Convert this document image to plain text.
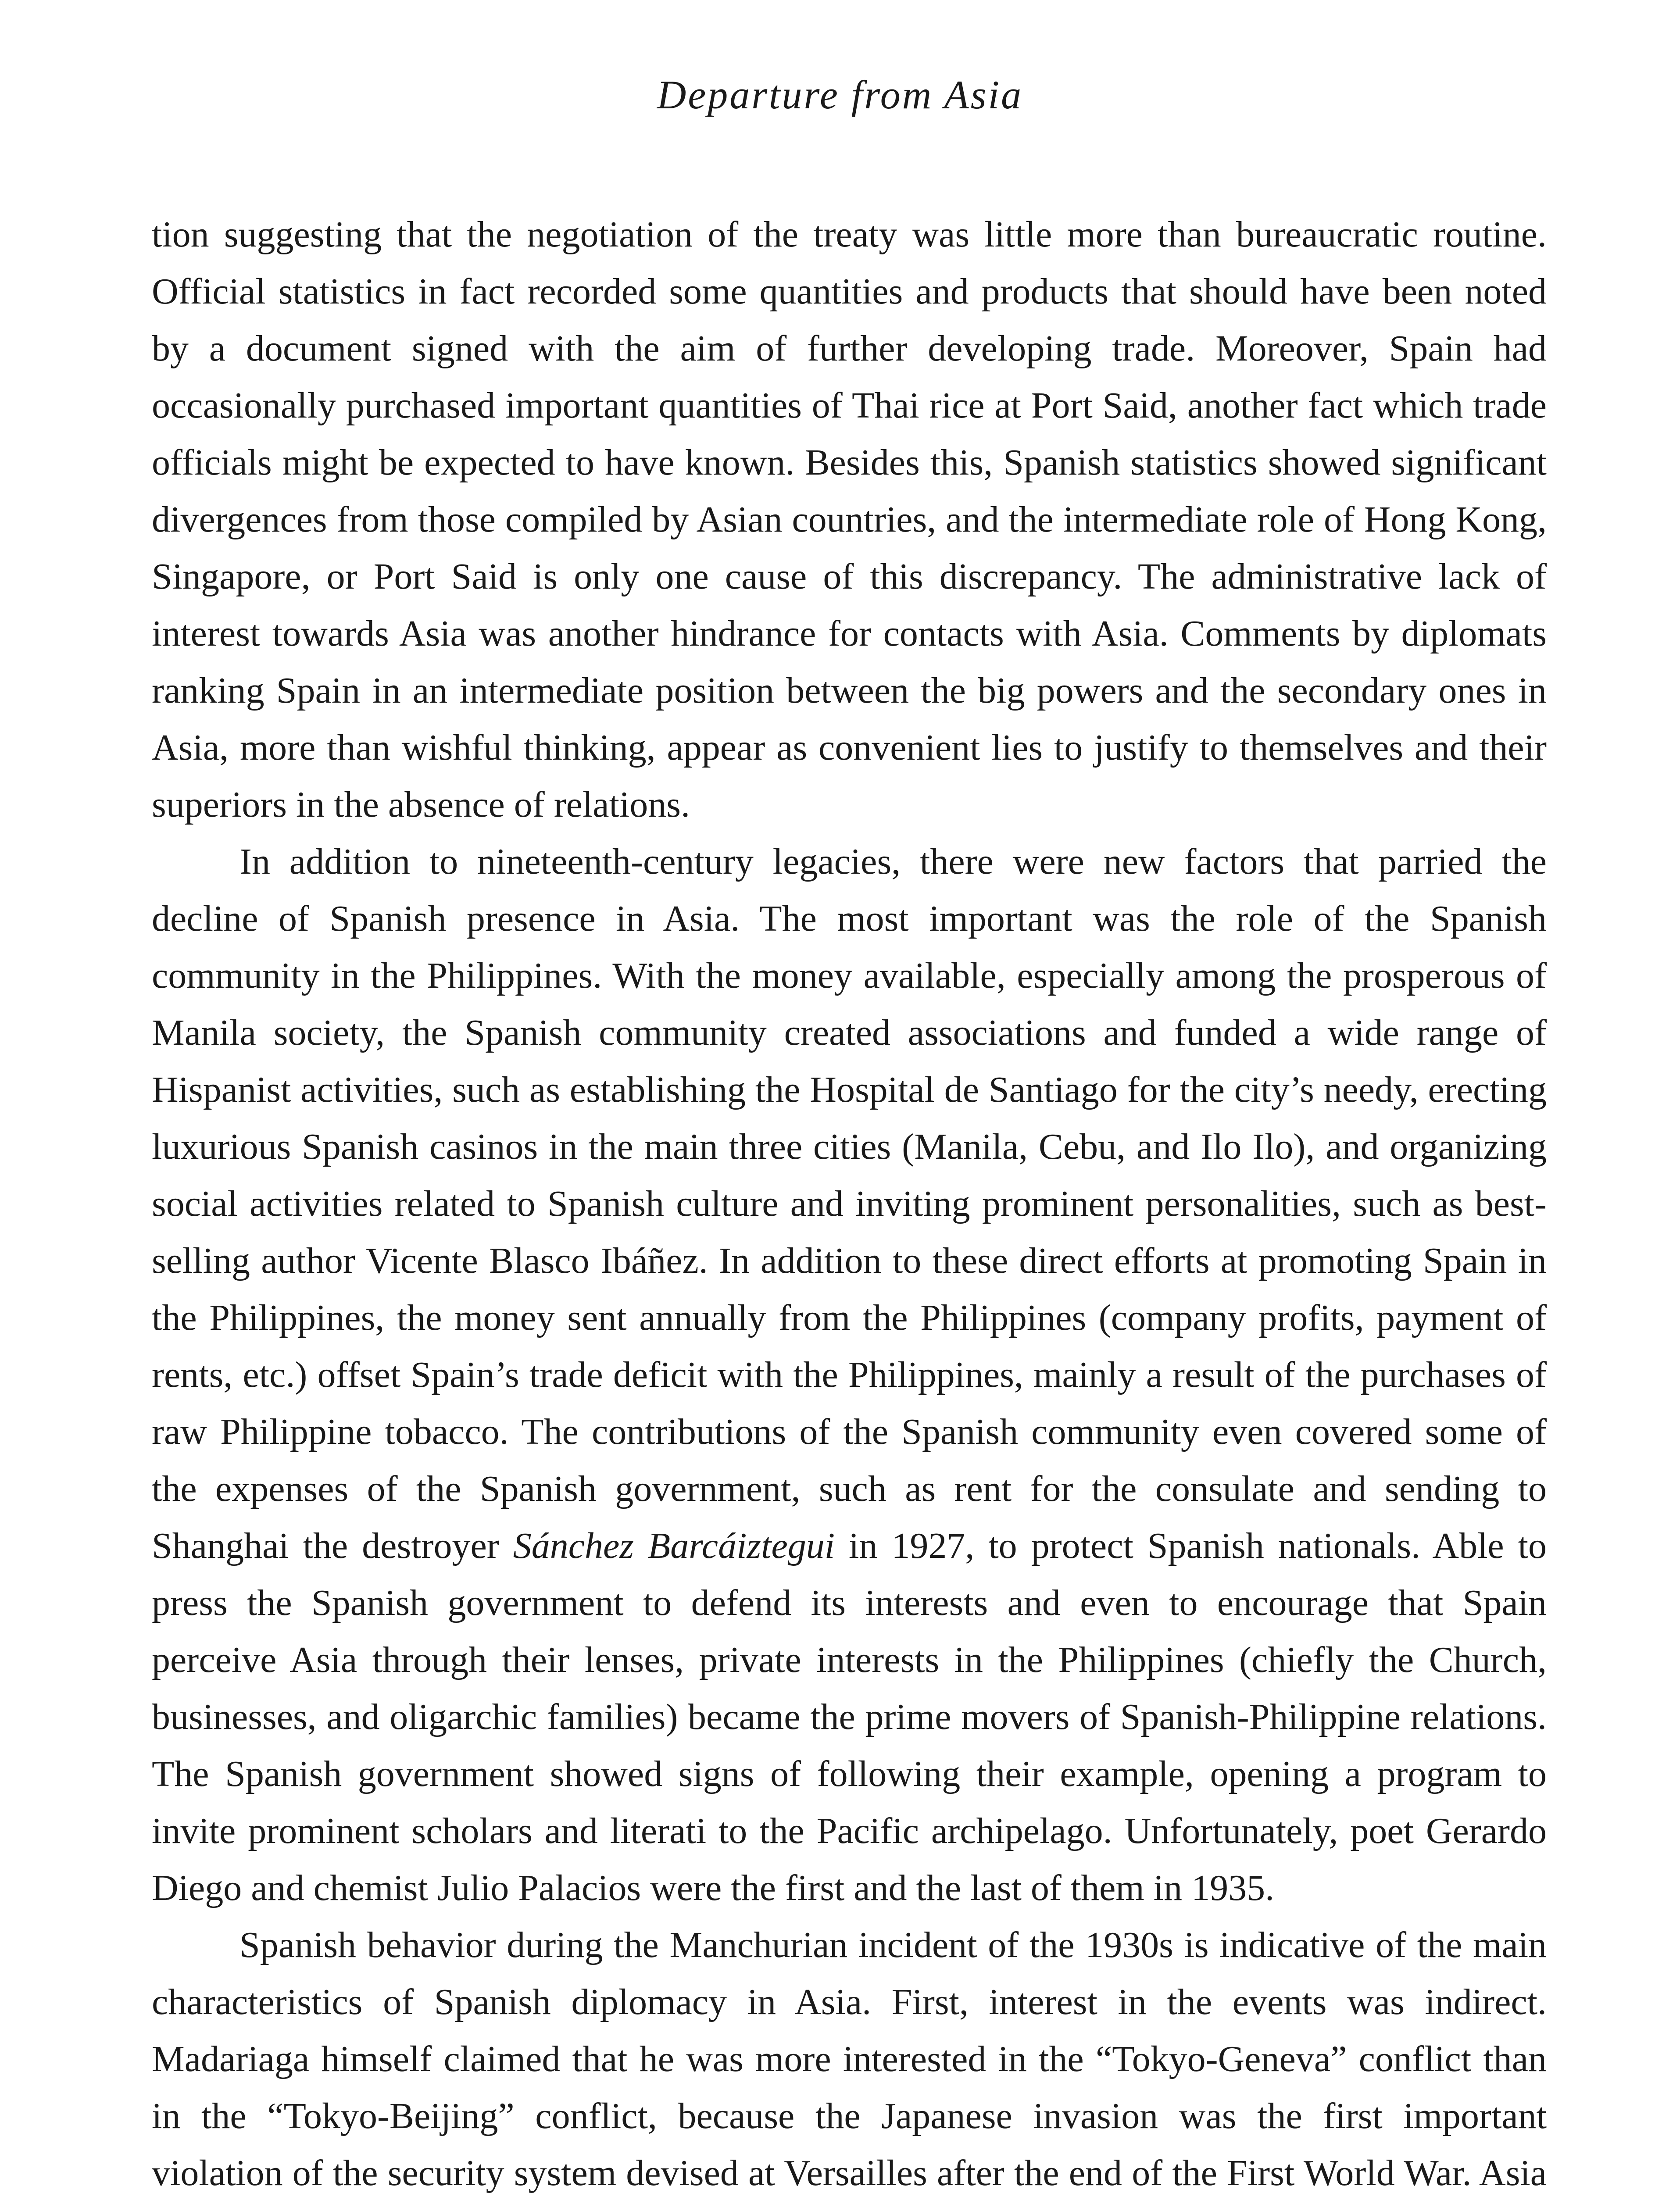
Departure from Asia

tion suggesting that the negotiation of the treaty was little more than bureaucratic routine. Official statistics in fact recorded some quantities and products that should have been noted by a document signed with the aim of further developing trade. Moreover, Spain had occasionally purchased important quantities of Thai rice at Port Said, another fact which trade officials might be expected to have known. Besides this, Spanish statistics showed significant divergences from those compiled by Asian countries, and the intermediate role of Hong Kong, Singapore, or Port Said is only one cause of this discrepancy. The administrative lack of interest towards Asia was another hindrance for contacts with Asia. Comments by diplomats ranking Spain in an intermediate position between the big powers and the secondary ones in Asia, more than wishful thinking, appear as convenient lies to justify to themselves and their superiors in the absence of relations.

In addition to nineteenth-century legacies, there were new factors that parried the decline of Spanish presence in Asia. The most important was the role of the Spanish community in the Philippines. With the money available, especially among the prosperous of Manila society, the Spanish community created associations and funded a wide range of Hispanist activities, such as establishing the Hospital de Santiago for the city’s needy, erecting luxurious Spanish casinos in the main three cities (Manila, Cebu, and Ilo Ilo), and organizing social activities related to Spanish culture and inviting prominent personalities, such as best-selling author Vicente Blasco Ibáñez. In addition to these direct efforts at promoting Spain in the Philippines, the money sent annually from the Philippines (company profits, payment of rents, etc.) offset Spain’s trade deficit with the Philippines, mainly a result of the purchases of raw Philippine tobacco. The contributions of the Spanish community even covered some of the expenses of the Spanish government, such as rent for the consulate and sending to Shanghai the destroyer Sánchez Barcáiztegui in 1927, to protect Spanish nationals. Able to press the Spanish government to defend its interests and even to encourage that Spain perceive Asia through their lenses, private interests in the Philippines (chiefly the Church, businesses, and oligarchic families) became the prime movers of Spanish-Philippine relations. The Spanish government showed signs of following their example, opening a program to invite prominent scholars and literati to the Pacific archipelago. Unfortunately, poet Gerardo Diego and chemist Julio Palacios were the first and the last of them in 1935.

Spanish behavior during the Manchurian incident of the 1930s is indicative of the main characteristics of Spanish diplomacy in Asia. First, interest in the events was indirect. Madariaga himself claimed that he was more interested in the “Tokyo-Geneva” conflict than in the “Tokyo-Beijing” conflict, because the Japanese invasion was the first important violation of the security system devised at Versailles after the end of the First World War. Asia
